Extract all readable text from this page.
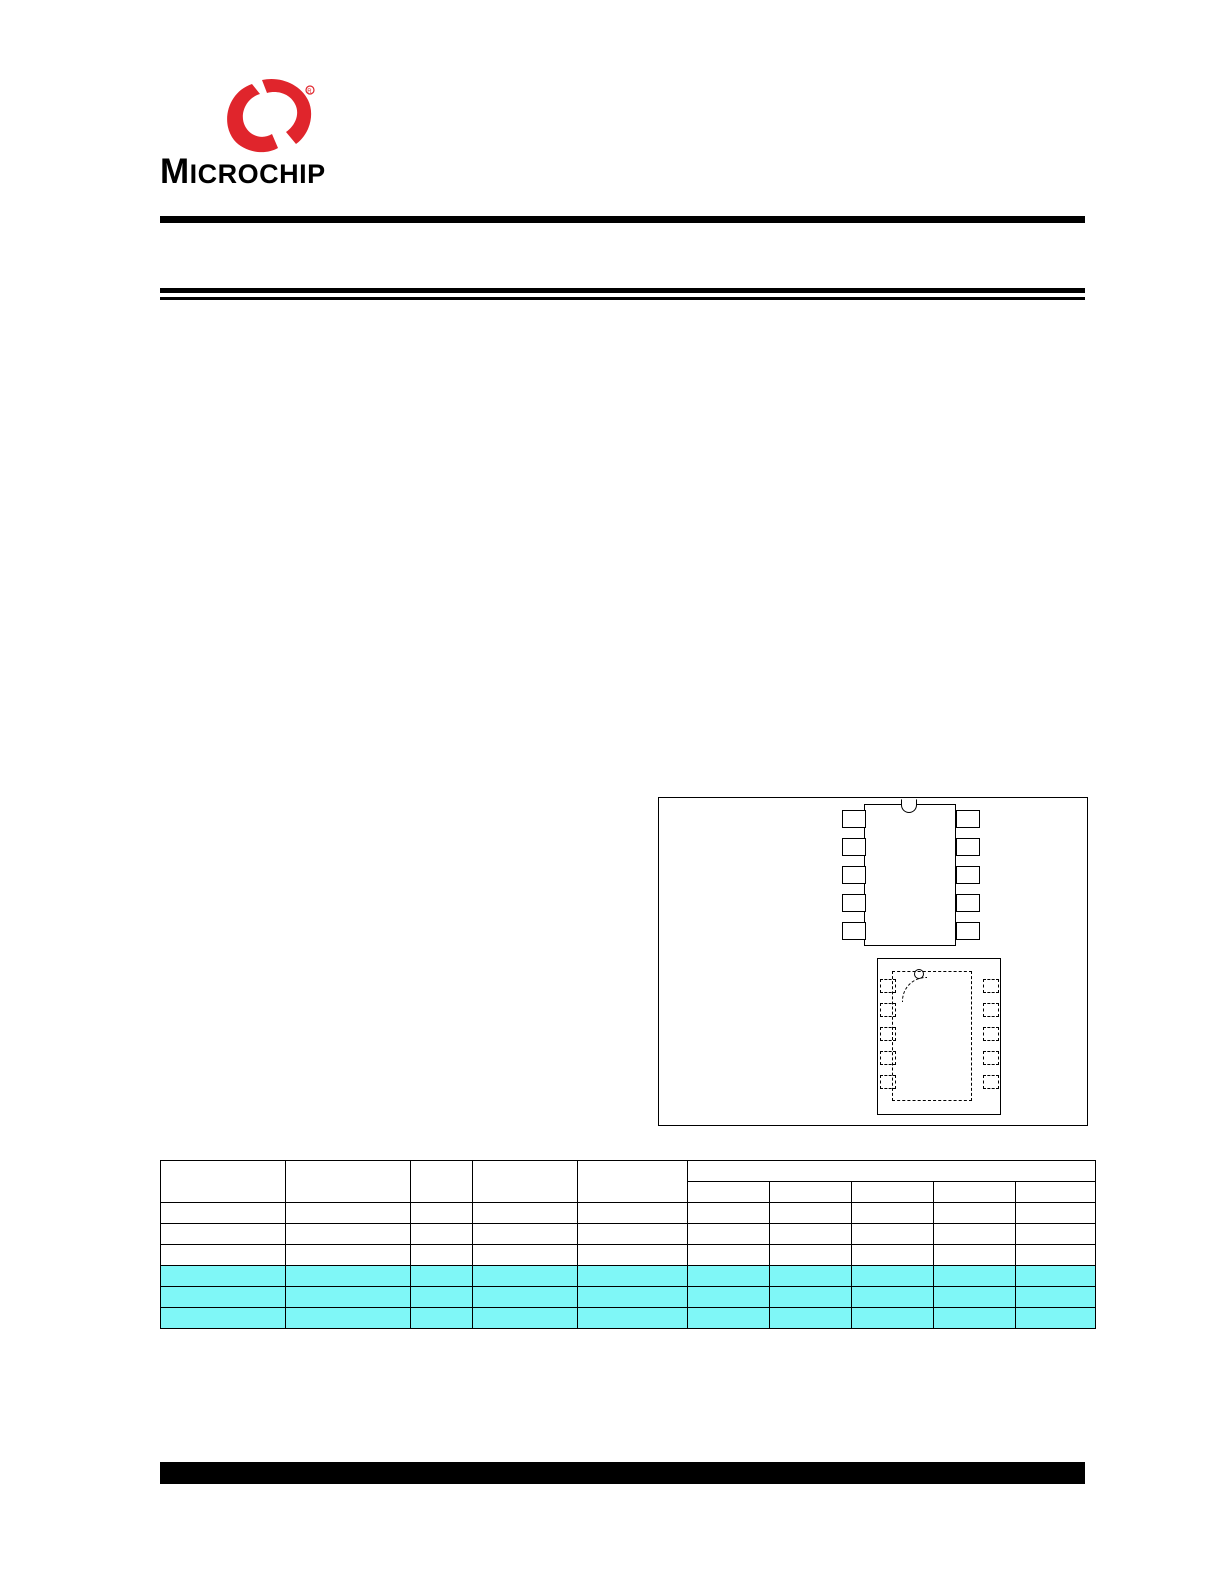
R
MICROCHIP
